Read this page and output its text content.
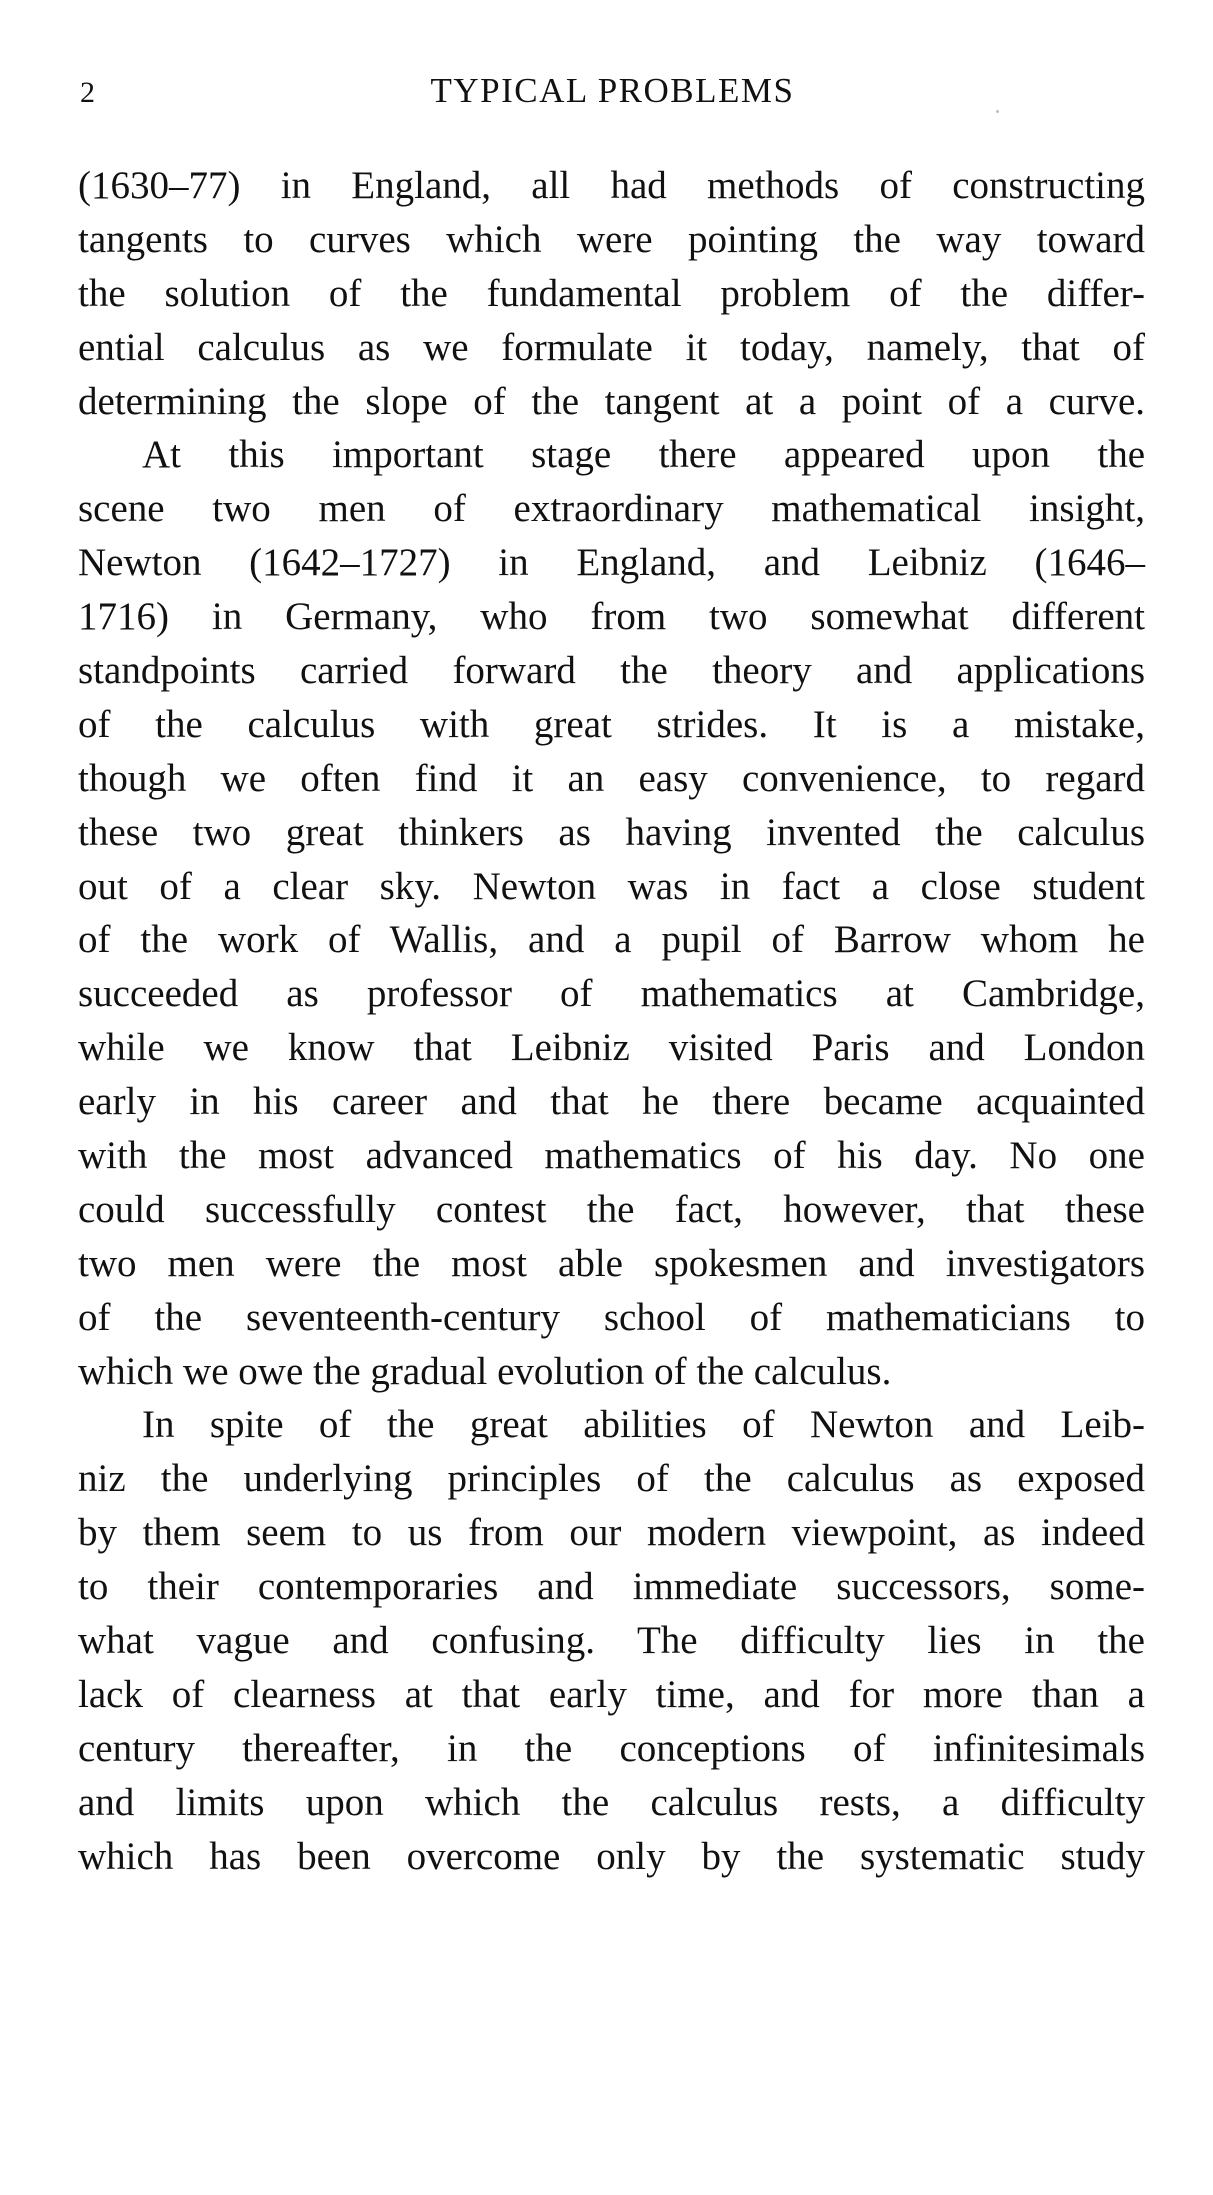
2	TYPICAL PROBLEMS
(1630–77) in England, all had methods of constructing
tangents to curves which were pointing the way toward
the solution of the fundamental problem of the differ-
ential calculus as we formulate it today, namely, that of
determining the slope of the tangent at a point of a curve.
At this important stage there appeared upon the
scene two men of extraordinary mathematical insight,
Newton (1642–1727) in England, and Leibniz (1646–
1716) in Germany, who from two somewhat different
standpoints carried forward the theory and applications
of the calculus with great strides. It is a mistake,
though we often find it an easy convenience, to regard
these two great thinkers as having invented the calculus
out of a clear sky. Newton was in fact a close student
of the work of Wallis, and a pupil of Barrow whom he
succeeded as professor of mathematics at Cambridge,
while we know that Leibniz visited Paris and London
early in his career and that he there became acquainted
with the most advanced mathematics of his day. No one
could successfully contest the fact, however, that these
two men were the most able spokesmen and investigators
of the seventeenth-century school of mathematicians to
which we owe the gradual evolution of the calculus.
In spite of the great abilities of Newton and Leib-
niz the underlying principles of the calculus as exposed
by them seem to us from our modern viewpoint, as indeed
to their contemporaries and immediate successors, some-
what vague and confusing. The difficulty lies in the
lack of clearness at that early time, and for more than a
century thereafter, in the conceptions of infinitesimals
and limits upon which the calculus rests, a difficulty
which has been overcome only by the systematic study
